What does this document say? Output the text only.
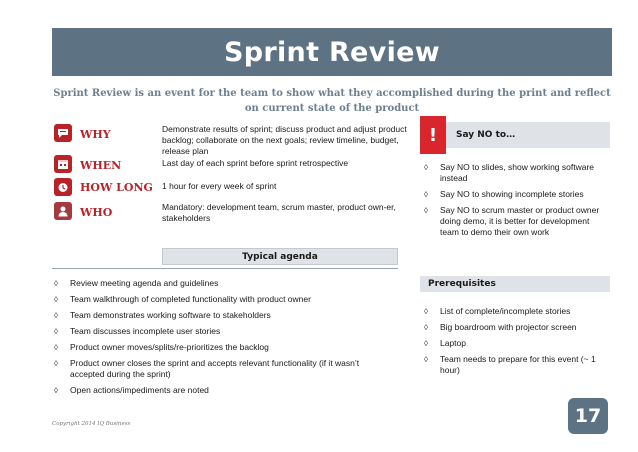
Sprint Review
Sprint Review is an event for the team to show what they accomplished during the print and reflect on current state of the product
WHY	Demonstrate results of sprint; discuss product and adjust product backlog; collaborate on the next goals; review timeline, budget, release plan
WHEN	Last day of each sprint before sprint retrospective
HOW LONG 1 hour for every week of sprint
WHO	Mandatory: development team, scrum master, product own-er, stakeholders
!	Say NO to…
◊ Say NO to slides, show working software instead
◊ Say NO to showing incomplete stories
◊ Say NO to scrum master or product owner doing demo, it is better for development team to demo their own work
Typical agenda
◊ Review meeting agenda and guidelines
◊ Team walkthrough of completed functionality with product owner
◊ Team demonstrates working software to stakeholders
◊ Team discusses incomplete user stories
◊ Product owner moves/splits/re-prioritizes the backlog
◊ Product owner closes the sprint and accepts relevant functionality (if it wasn’t accepted during the sprint)
◊ Open actions/impediments are noted
Prerequisites
◊ List of complete/incomplete stories
◊ Big boardroom with projector screen
◊ Laptop
◊ Team needs to prepare for this event (~ 1 hour)
Copyright 2014 IQ Business	17
